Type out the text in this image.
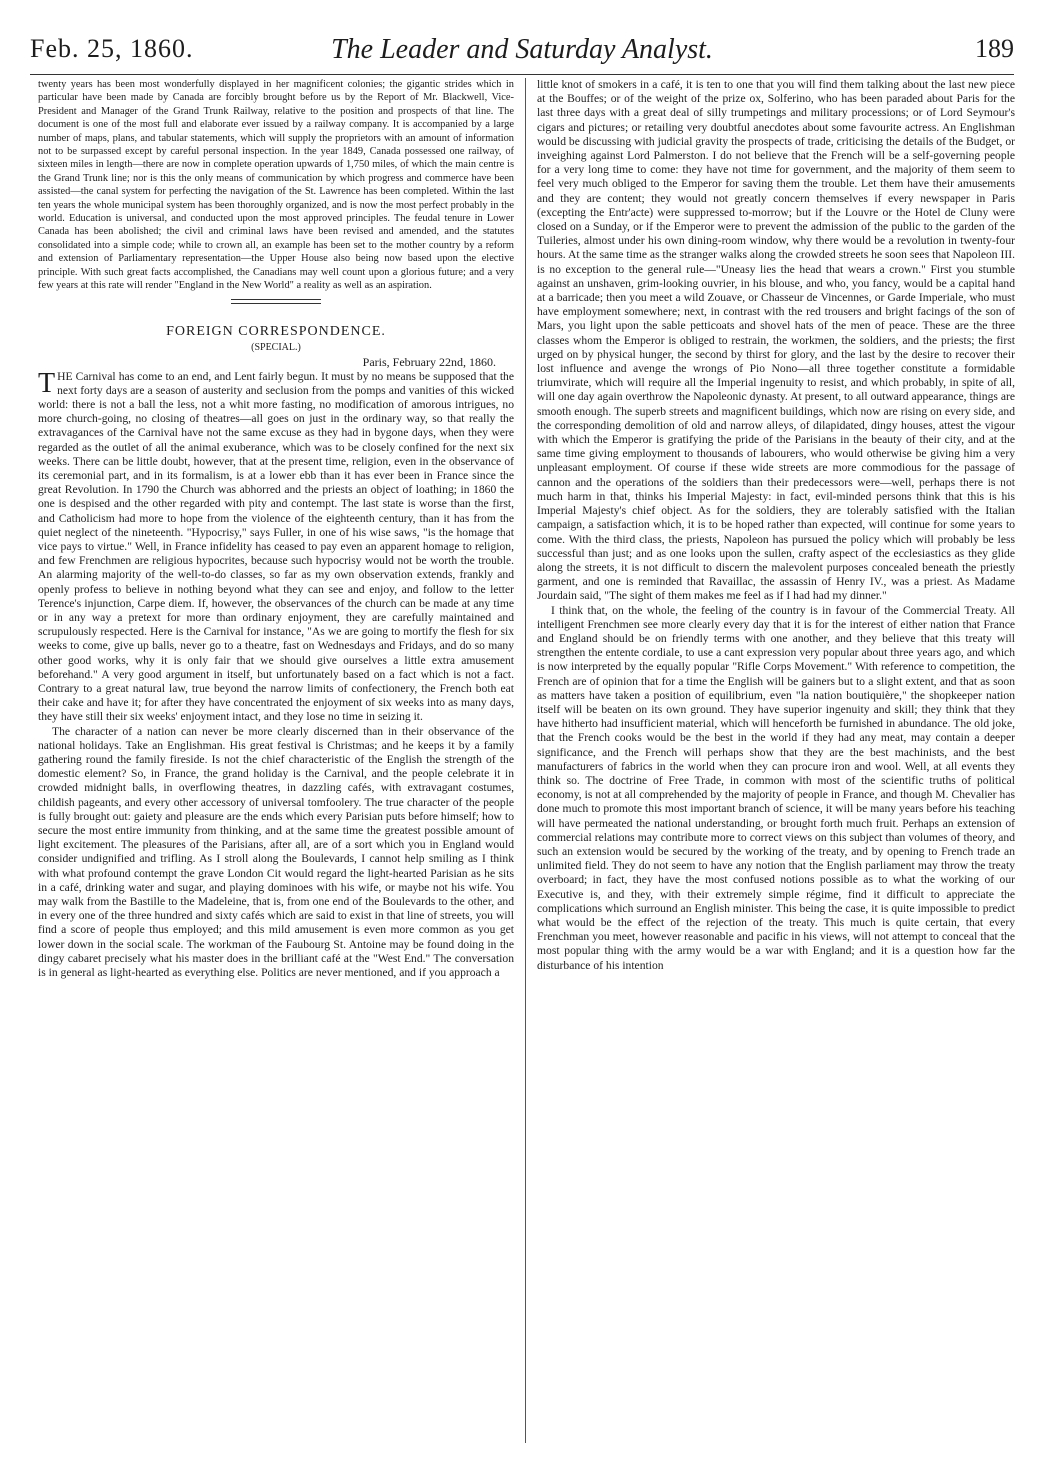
Feb. 25, 1860.	The Leader and Saturday Analyst.	189

twenty years has been most wonderfully displayed in her magnificent colonies; the gigantic strides which in particular have been made by Canada are forcibly brought before us by the Report of Mr. Blackwell, Vice-President and Manager of the Grand Trunk Railway, relative to the position and prospects of that line. The document is one of the most full and elaborate ever issued by a railway company. It is accompanied by a large number of maps, plans, and tabular statements, which will supply the proprietors with an amount of information not to be surpassed except by careful personal inspection. In the year 1849, Canada possessed one railway, of sixteen miles in length—there are now in complete operation upwards of 1,750 miles, of which the main centre is the Grand Trunk line; nor is this the only means of communication by which progress and commerce have been assisted—the canal system for perfecting the navigation of the St. Lawrence has been completed. Within the last ten years the whole municipal system has been thoroughly organized, and is now the most perfect probably in the world. Education is universal, and conducted upon the most approved principles. The feudal tenure in Lower Canada has been abolished; the civil and criminal laws have been revised and amended, and the statutes consolidated into a simple code; while to crown all, an example has been set to the mother country by a reform and extension of Parliamentary representation—the Upper House also being now based upon the elective principle. With such great facts accomplished, the Canadians may well count upon a glorious future; and a very few years at this rate will render "England in the New World" a reality as well as an aspiration.

FOREIGN CORRESPONDENCE.
(SPECIAL.)
Paris, February 22nd, 1860.

THE Carnival has come to an end, and Lent fairly begun. It must by no means be supposed that the next forty days are a season of austerity and seclusion from the pomps and vanities of this wicked world: there is not a ball the less, not a whit more fasting, no modification of amorous intrigues, no more church-going, no closing of theatres—all goes on just in the ordinary way, so that really the extravagances of the Carnival have not the same excuse as they had in bygone days, when they were regarded as the outlet of all the animal exuberance, which was to be closely confined for the next six weeks. There can be little doubt, however, that at the present time, religion, even in the observance of its ceremonial part, and in its formalism, is at a lower ebb than it has ever been in France since the great Revolution. In 1790 the Church was abhorred and the priests an object of loathing; in 1860 the one is despised and the other regarded with pity and contempt. The last state is worse than the first, and Catholicism had more to hope from the violence of the eighteenth century, than it has from the quiet neglect of the nineteenth. "Hypocrisy," says Fuller, in one of his wise saws, "is the homage that vice pays to virtue." Well, in France infidelity has ceased to pay even an apparent homage to religion, and few Frenchmen are religious hypocrites, because such hypocrisy would not be worth the trouble. An alarming majority of the well-to-do classes, so far as my own observation extends, frankly and openly profess to believe in nothing beyond what they can see and enjoy, and follow to the letter Terence's injunction, Carpe diem. If, however, the observances of the church can be made at any time or in any way a pretext for more than ordinary enjoyment, they are carefully maintained and scrupulously respected. Here is the Carnival for instance, "As we are going to mortify the flesh for six weeks to come, give up balls, never go to a theatre, fast on Wednesdays and Fridays, and do so many other good works, why it is only fair that we should give ourselves a little extra amusement beforehand." A very good argument in itself, but unfortunately based on a fact which is not a fact. Contrary to a great natural law, true beyond the narrow limits of confectionery, the French both eat their cake and have it; for after they have concentrated the enjoyment of six weeks into as many days, they have still their six weeks' enjoyment intact, and they lose no time in seizing it.

The character of a nation can never be more clearly discerned than in their observance of the national holidays. Take an Englishman. His great festival is Christmas; and he keeps it by a family gathering round the family fireside. Is not the chief characteristic of the English the strength of the domestic element? So, in France, the grand holiday is the Carnival, and the people celebrate it in crowded midnight balls, in overflowing theatres, in dazzling cafés, with extravagant costumes, childish pageants, and every other accessory of universal tomfoolery. The true character of the people is fully brought out: gaiety and pleasure are the ends which every Parisian puts before himself; how to secure the most entire immunity from thinking, and at the same time the greatest possible amount of light excitement. The pleasures of the Parisians, after all, are of a sort which you in England would consider undignified and trifling. As I stroll along the Boulevards, I cannot help smiling as I think with what profound contempt the grave London Cit would regard the light-hearted Parisian as he sits in a café, drinking water and sugar, and playing dominoes with his wife, or maybe not his wife. You may walk from the Bastille to the Madeleine, that is, from one end of the Boulevards to the other, and in every one of the three hundred and sixty cafés which are said to exist in that line of streets, you will find a score of people thus employed; and this mild amusement is even more common as you get lower down in the social scale. The workman of the Faubourg St. Antoine may be found doing in the dingy cabaret precisely what his master does in the brilliant café at the "West End." The conversation is in general as light-hearted as everything else. Politics are never mentioned, and if you approach a

little knot of smokers in a café, it is ten to one that you will find them talking about the last new piece at the Bouffes; or of the weight of the prize ox, Solferino, who has been paraded about Paris for the last three days with a great deal of silly trumpetings and military processions; or of Lord Seymour's cigars and pictures; or retailing very doubtful anecdotes about some favourite actress. An Englishman would be discussing with judicial gravity the prospects of trade, criticising the details of the Budget, or inveighing against Lord Palmerston. I do not believe that the French will be a self-governing people for a very long time to come: they have not time for government, and the majority of them seem to feel very much obliged to the Emperor for saving them the trouble. Let them have their amusements and they are content; they would not greatly concern themselves if every newspaper in Paris (excepting the Entr'acte) were suppressed to-morrow; but if the Louvre or the Hotel de Cluny were closed on a Sunday, or if the Emperor were to prevent the admission of the public to the garden of the Tuileries, almost under his own dining-room window, why there would be a revolution in twenty-four hours. At the same time as the stranger walks along the crowded streets he soon sees that Napoleon III. is no exception to the general rule—"Uneasy lies the head that wears a crown." First you stumble against an unshaven, grim-looking ouvrier, in his blouse, and who, you fancy, would be a capital hand at a barricade; then you meet a wild Zouave, or Chasseur de Vincennes, or Garde Imperiale, who must have employment somewhere; next, in contrast with the red trousers and bright facings of the son of Mars, you light upon the sable petticoats and shovel hats of the men of peace. These are the three classes whom the Emperor is obliged to restrain, the workmen, the soldiers, and the priests; the first urged on by physical hunger, the second by thirst for glory, and the last by the desire to recover their lost influence and avenge the wrongs of Pio Nono—all three together constitute a formidable triumvirate, which will require all the Imperial ingenuity to resist, and which probably, in spite of all, will one day again overthrow the Napoleonic dynasty. At present, to all outward appearance, things are smooth enough. The superb streets and magnificent buildings, which now are rising on every side, and the corresponding demolition of old and narrow alleys, of dilapidated, dingy houses, attest the vigour with which the Emperor is gratifying the pride of the Parisians in the beauty of their city, and at the same time giving employment to thousands of labourers, who would otherwise be giving him a very unpleasant employment. Of course if these wide streets are more commodious for the passage of cannon and the operations of the soldiers than their predecessors were—well, perhaps there is not much harm in that, thinks his Imperial Majesty: in fact, evil-minded persons think that this is his Imperial Majesty's chief object. As for the soldiers, they are tolerably satisfied with the Italian campaign, a satisfaction which, it is to be hoped rather than expected, will continue for some years to come. With the third class, the priests, Napoleon has pursued the policy which will probably be less successful than just; and as one looks upon the sullen, crafty aspect of the ecclesiastics as they glide along the streets, it is not difficult to discern the malevolent purposes concealed beneath the priestly garment, and one is reminded that Ravaillac, the assassin of Henry IV., was a priest. As Madame Jourdain said, "The sight of them makes me feel as if I had had my dinner."

I think that, on the whole, the feeling of the country is in favour of the Commercial Treaty. All intelligent Frenchmen see more clearly every day that it is for the interest of either nation that France and England should be on friendly terms with one another, and they believe that this treaty will strengthen the entente cordiale, to use a cant expression very popular about three years ago, and which is now interpreted by the equally popular "Rifle Corps Movement." With reference to competition, the French are of opinion that for a time the English will be gainers but to a slight extent, and that as soon as matters have taken a position of equilibrium, even "la nation boutiquière," the shopkeeper nation itself will be beaten on its own ground. They have superior ingenuity and skill; they think that they have hitherto had insufficient material, which will henceforth be furnished in abundance. The old joke, that the French cooks would be the best in the world if they had any meat, may contain a deeper significance, and the French will perhaps show that they are the best machinists, and the best manufacturers of fabrics in the world when they can procure iron and wool. Well, at all events they think so. The doctrine of Free Trade, in common with most of the scientific truths of political economy, is not at all comprehended by the majority of people in France, and though M. Chevalier has done much to promote this most important branch of science, it will be many years before his teaching will have permeated the national understanding, or brought forth much fruit. Perhaps an extension of commercial relations may contribute more to correct views on this subject than volumes of theory, and such an extension would be secured by the working of the treaty, and by opening to French trade an unlimited field. They do not seem to have any notion that the English parliament may throw the treaty overboard; in fact, they have the most confused notions possible as to what the working of our Executive is, and they, with their extremely simple régime, find it difficult to appreciate the complications which surround an English minister. This being the case, it is quite impossible to predict what would be the effect of the rejection of the treaty. This much is quite certain, that every Frenchman you meet, however reasonable and pacific in his views, will not attempt to conceal that the most popular thing with the army would be a war with England; and it is a question how far the disturbance of his intention
